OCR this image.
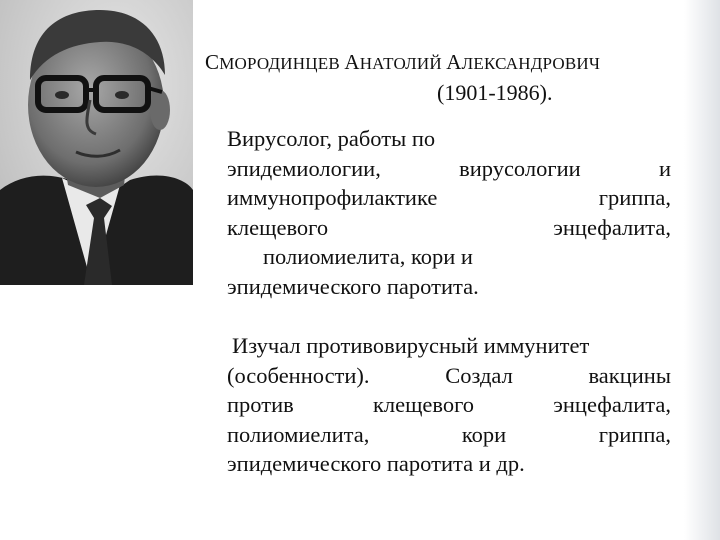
СМОРОДИНЦЕВ АНАТОЛИЙ АЛЕКСАНДРОВИЧ
(1901-1986).
Вирусолог, работы по
эпидемиологии,	вирусологии	и
иммунопрофилактике	гриппа,
клещевого	энцефалита,
полиомиелита, кори и
эпидемического паротита.
Изучал противовирусный иммунитет
(особенности).	Создал	вакцины
против	клещевого	энцефалита,
полиомиелита,	кори	гриппа,
эпидемического паротита и др.
